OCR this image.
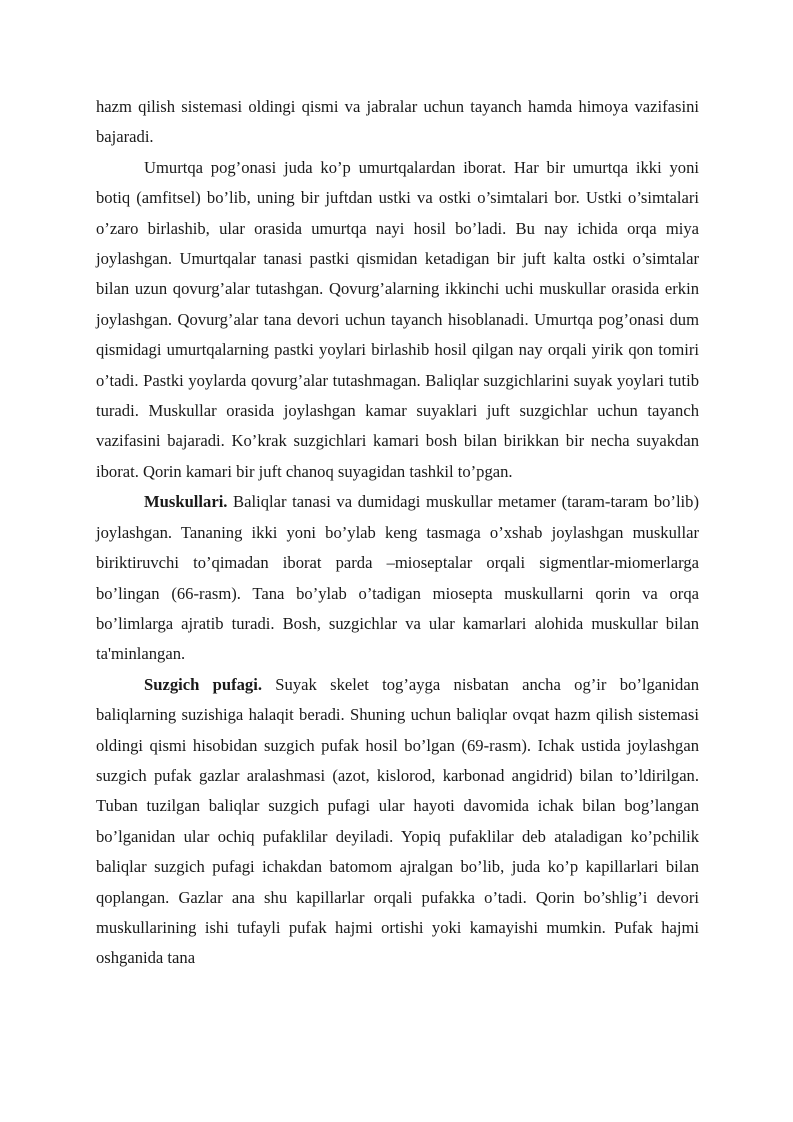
hazm qilish sistemasi oldingi qismi va jabralar uchun tayanch hamda himoya vazifasini bajaradi.

Umurtqa pog’onasi juda ko’p umurtqalardan iborat. Har bir umurtqa ikki yoni botiq (amfitsel) bo’lib, uning bir juftdan ustki va ostki o’simtalari bor. Ustki o’simtalari o’zaro birlashib, ular orasida umurtqa nayi hosil bo’ladi. Bu nay ichida orqa miya joylashgan. Umurtqalar tanasi pastki qismidan ketadigan bir juft kalta ostki o’simtalar bilan uzun qovurg’alar tutashgan. Qovurg’alarning ikkinchi uchi muskullar orasida erkin joylashgan. Qovurg’alar tana devori uchun tayanch hisoblanadi. Umurtqa pog’onasi dum qismidagi umurtqalarning pastki yoylari birlashib hosil qilgan nay orqali yirik qon tomiri o’tadi. Pastki yoylarda qovurg’alar tutashmagan. Baliqlar suzgichlarini suyak yoylari tutib turadi. Muskullar orasida joylashgan kamar suyaklari juft suzgichlar uchun tayanch vazifasini bajaradi. Ko’krak suzgichlari kamari bosh bilan birikkan bir necha suyakdan iborat. Qorin kamari bir juft chanoq suyagidan tashkil to’pgan.

Muskullari. Baliqlar tanasi va dumidagi muskullar metamer (taram-taram bo’lib) joylashgan. Tananing ikki yoni bo’ylab keng tasmaga o’xshab joylashgan muskullar biriktiruvchi to’qimadan iborat parda –mioseptalar orqali sigmentlar-miomerlarga bo’lingan (66-rasm). Tana bo’ylab o’tadigan miosepta muskullarni qorin va orqa bo’limlarga ajratib turadi. Bosh, suzgichlar va ular kamarlari alohida muskullar bilan ta'minlangan.

Suzgich pufagi. Suyak skelet tog’ayga nisbatan ancha og’ir bo’lganidan baliqlarning suzishiga halaqit beradi. Shuning uchun baliqlar ovqat hazm qilish sistemasi oldingi qismi hisobidan suzgich pufak hosil bo’lgan (69-rasm). Ichak ustida joylashgan suzgich pufak gazlar aralashmasi (azot, kislorod, karbonad angidrid) bilan to’ldirilgan. Tuban tuzilgan baliqlar suzgich pufagi ular hayoti davomida ichak bilan bog’langan bo’lganidan ular ochiq pufaklilar deyiladi. Yopiq pufaklilar deb ataladigan ko’pchilik baliqlar suzgich pufagi ichakdan batomom ajralgan bo’lib, juda ko’p kapillarlari bilan qoplangan. Gazlar ana shu kapillarlar orqali pufakka o’tadi. Qorin bo’shlig’i devori muskullarining ishi tufayli pufak hajmi ortishi yoki kamayishi mumkin. Pufak hajmi oshganida tana
